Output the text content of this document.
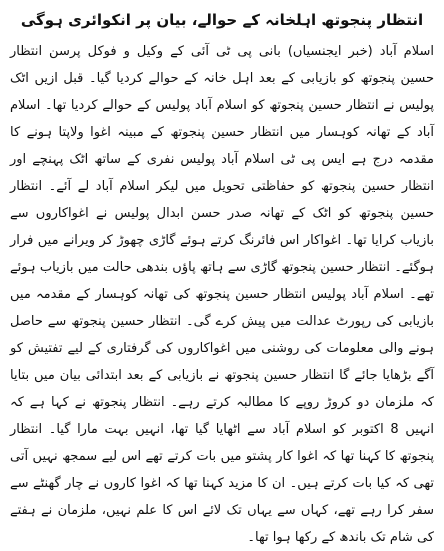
انتظار پنجوتھ اہلخانہ کے حوالے، بیان پر انکوائری ہوگی
اسلام آباد (خبر ایجنسیاں) بانی پی ٹی آئی کے وکیل و فوکل پرسن انتظار حسین پنجوتھ کو بازیابی کے بعد اہل خانہ کے حوالے کردیا گیا۔ قبل ازیں اٹک پولیس نے انتظار حسین پنجوتھ کو اسلام آباد پولیس کے حوالے کردیا تھا۔ اسلام آباد کے تھانہ کوہسار میں انتظار حسین پنجوتھ کے مبینہ اغوا ولاپتا ہونے کا مقدمہ درج ہے ایس پی ٹی اسلام آباد پولیس نفری کے ساتھ اٹک پہنچے اور انتظار حسین پنجوتھ کو حفاظتی تحویل میں لیکر اسلام آباد لے آئے۔ انتظار حسین پنجوتھ کو اٹک کے تھانہ صدر حسن ابدال پولیس نے اغواکاروں سے بازیاب کرایا تھا۔ اغواکار اس فائرنگ کرتے ہوئے گاڑی چھوڑ کر ویرانے میں فرار ہوگئے۔ انتظار حسین پنجوتھ گاڑی سے ہاتھ پاؤں بندھی حالت میں بازیاب ہوئے تھے۔ اسلام آباد پولیس انتظار حسین پنجوتھ کی تھانہ کوہسار کے مقدمہ میں بازیابی کی رپورٹ عدالت میں پیش کرے گی۔ انتظار حسین پنجوتھ سے حاصل ہونے والی معلومات کی روشنی میں اغواکاروں کی گرفتاری کے لیے تفتیش کو آگے بڑھایا جائے گا انتظار حسین پنجوتھ نے بازیابی کے بعد ابتدائی بیان میں بتایا کہ ملزمان دو کروڑ روپے کا مطالبہ کرتے رہے۔ انتظار پنجوتھ نے کہا ہے کہ انہیں 8 اکتوبر کو اسلام آباد سے اٹھایا گیا تھا، انہیں بہت مارا گیا۔ انتظار پنجوتھ کا کہنا تھا کہ اغوا کار پشتو میں بات کرتے تھے اس لیے سمجھ نہیں آتی تھی کہ کیا بات کرتے ہیں۔ ان کا مزید کہنا تھا کہ اغوا کاروں نے چار گھنٹے سے سفر کرا رہے تھے، کہاں سے یہاں تک لائے اس کا علم نہیں، ملزمان نے ہفتے کی شام تک باندھ کے رکھا ہوا تھا۔
